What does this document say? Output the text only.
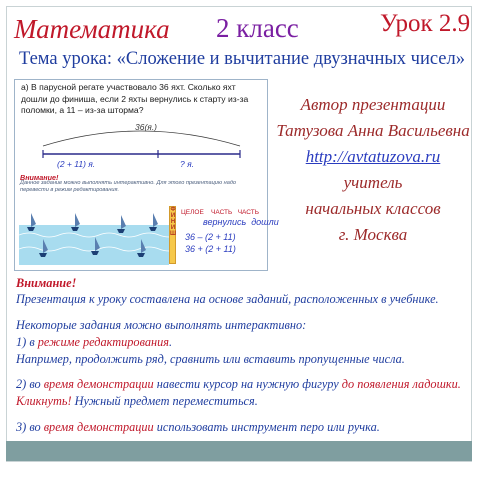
Математика 2 класс	Урок 2.9
Тема урока: «Сложение и вычитание двузначных чисел»
а) В парусной регате участвовало 36 яхт. Сколько яхт дошли до финиша, если 2 яхты вернулись к старту из-за поломки, а 11 – из-за шторма?
36(я.)
(2 + 11) я.	? я.
Внимание!
Данное задание можно выполнять интерактивно. Для этого презентацию надо перевести в режим редактирования.
ФИНИШ ЦЕЛОЕ ЧАСТЬ ЧАСТЬ
вернулись дошли
36 – (2 + 11)
36 + (2 + 11)
Автор презентации
Татузова Анна Васильевна
http://avtatuzova.ru
учитель
начальных классов
г. Москва
Внимание!
Презентация к уроку составлена на основе заданий, расположенных в учебнике.
Некоторые задания можно выполнять интерактивно:
1) в режиме редактирования.
Например, продолжить ряд, сравнить или вставить пропущенные числа.
2) во время демонстрации навести курсор на нужную фигуру до появления ладошки.
Кликнуть! Нужный предмет переместиться.
3) во время демонстрации использовать инструмент перо или ручка.
